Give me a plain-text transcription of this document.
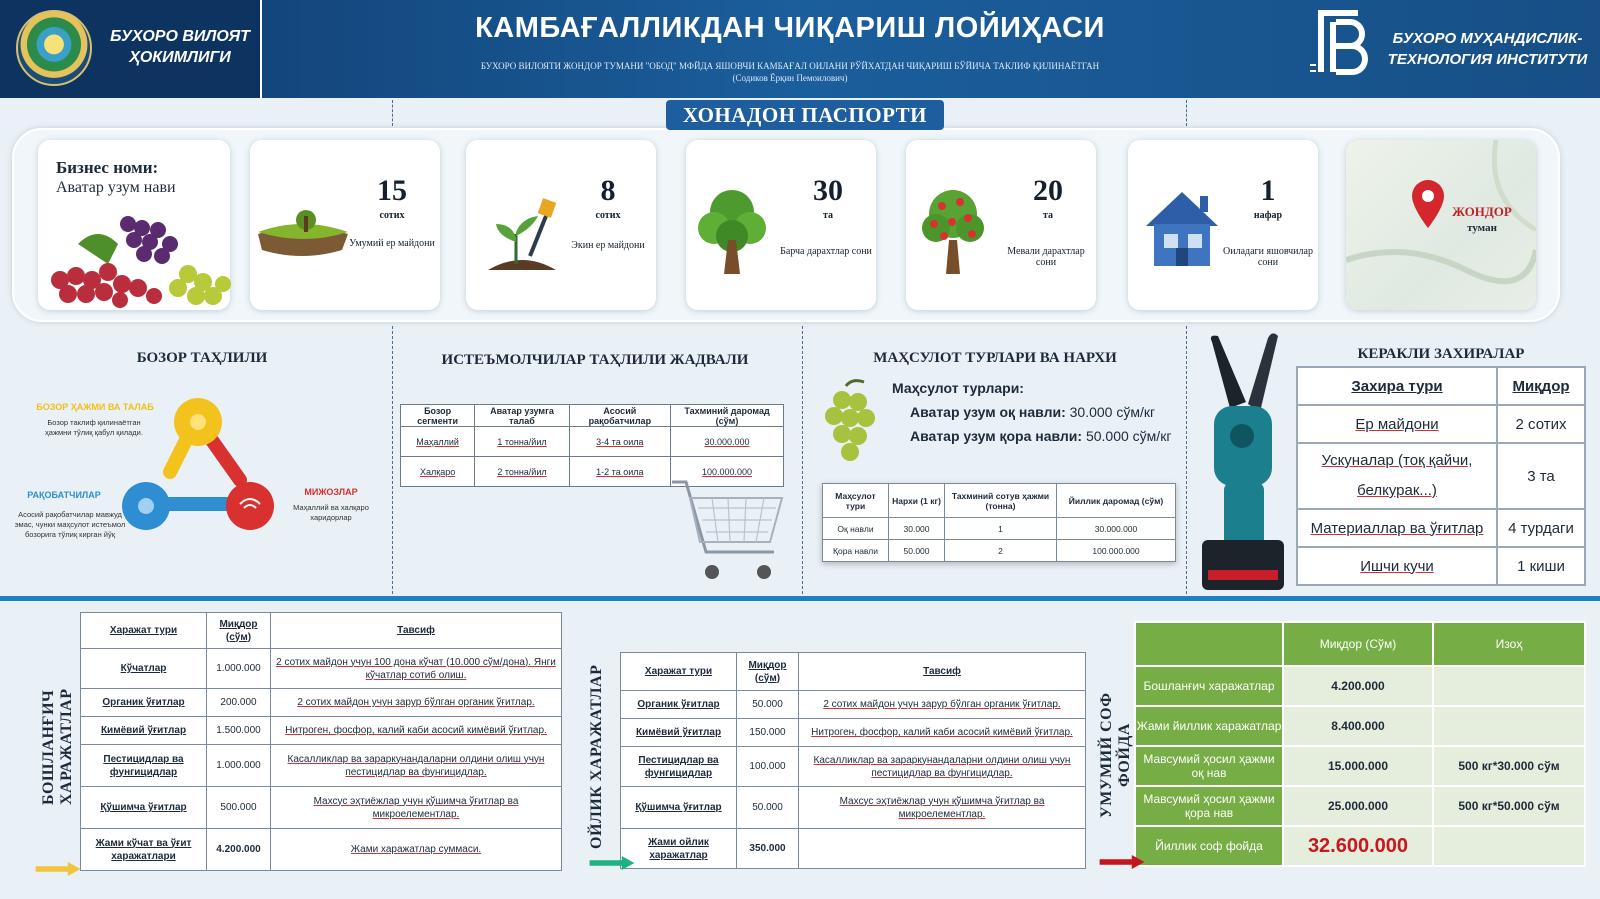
БУХОРО ВИЛОЯТ ҲОКИМЛИГИ
КАМБАҒАЛЛИКДАН ЧИҚАРИШ ЛОЙИҲАСИ
БУХОРО ВИЛОЯТИ ЖОНДОР ТУМАНИ "ОБОД" МФЙДА ЯШОВЧИ КАМБАҒАЛ ОИЛАНИ РЎЙХАТДАН ЧИҚАРИШ БЎЙИЧА ТАКЛИФ ҚИЛИНАЁТГАН
(Содиков Ёрқин Пемоилович)
БУХОРО МУҲАНДИСЛИК-ТЕХНОЛОГИЯ ИНСТИТУТИ
ХОНАДОН ПАСПОРТИ
Бизнес номи:
Аватар узум нави	15
сотих
Умумий ер майдони
8
сотих
Экин ер майдони
30
та
Барча дарахтлар сони
20
та
Мевали дарахтлар сони
1
нафар
Оиладаги яшовчилар сони
ЖОНДОР
туман
БОЗОР ТАҲЛИЛИ
БОЗОР ҲАЖМИ ВА ТАЛАБ
Бозор таклиф қилинаётган ҳажмни тўлиқ қабул қилади.
РАҚОБАТЧИЛАР
Асосий рақобатчилар мавжуд эмас, чунки маҳсулот истеъмол бозорига тўлиқ кирган йўқ
МИЖОЗЛАР
Маҳаллий ва халқаро харидорлар
ИСТЕЪМОЛЧИЛАР ТАҲЛИЛИ ЖАДВАЛИ
Бозор сегменти	Аватар узумга талаб	Асосий рақобатчилар	Тахминий даромад (сўм)
Маҳаллий	1 тонна/йил	3-4 та оила	30.000.000
Халқаро	2 тонна/йил	1-2 та оила	100.000.000
МАҲСУЛОТ ТУРЛАРИ ВА НАРХИ
Маҳсулот турлари:
Аватар узум оқ навли: 30.000 сўм/кг
Аватар узум қора навли: 50.000 сўм/кг
Маҳсулот тури	Нархи (1 кг)	Тахминий сотув ҳажми (тонна)	Йиллик даромад (сўм)
Оқ навли	30.000	1	30.000.000
Қора навли	50.000	2	100.000.000
КЕРАКЛИ ЗАХИРАЛАР
Захира тури	Миқдор
Ер майдони	2 сотих
Ускуналар (тоқ қайчи, белкурак...)	3 та
Материаллар ва ўғитлар	4 турдаги
Ишчи кучи	1 киши
БОШЛАНҒИЧ ХАРАЖАТЛАР
Харажат тури	Миқдор (сўм)	Тавсиф
Кўчатлар	1.000.000	2 сотих майдон учун 100 дона кўчат (10.000 сўм/дона). Янги кўчатлар сотиб олиш.
Органик ўғитлар	200.000	2 сотих майдон учун зарур бўлган органик ўғитлар.
Кимёвий ўғитлар	1.500.000	Нитроген, фосфор, калий каби асосий кимёвий ўғитлар.
Пестицидлар ва фунгицидлар	1.000.000	Касалликлар ва зараркунандаларни олдини олиш учун пестицидлар ва фунгицидлар.
Қўшимча ўғитлар	500.000	Махсус эҳтиёжлар учун қўшимча ўғитлар ва микроелементлар.
Жами кўчат ва ўғит харажатлари	4.200.000	Жами харажатлар суммаси.
ОЙЛИК ХАРАЖАТЛАР	Харажат тури	Миқдор (сўм)	Тавсиф
Органик ўғитлар	50.000	2 сотих майдон учун зарур бўлган органик ўғитлар.
Кимёвий ўғитлар	150.000	Нитроген, фосфор, калий каби асосий кимёвий ўғитлар.
Пестицидлар ва фунгицидлар	100.000	Касалликлар ва зараркунандаларни олдини олиш учун пестицидлар ва фунгицидлар.
Қўшимча ўғитлар	50.000	Махсус эҳтиёжлар учун қўшимча ўғитлар ва микроелементлар.
Жами ойлик харажатлар	350.000	
УМУМИЙ СОФ ФОЙДА
	Миқдор (Сўм)	Изоҳ
Бошланғич харажатлар	4.200.000	
Жами йиллик харажатлар	8.400.000	
Мавсумий ҳосил ҳажми оқ нав	15.000.000	500 кг*30.000 сўм
Мавсумий ҳосил ҳажми қора нав	25.000.000	500 кг*50.000 сўм
Йиллик соф фойда	32.600.000	
